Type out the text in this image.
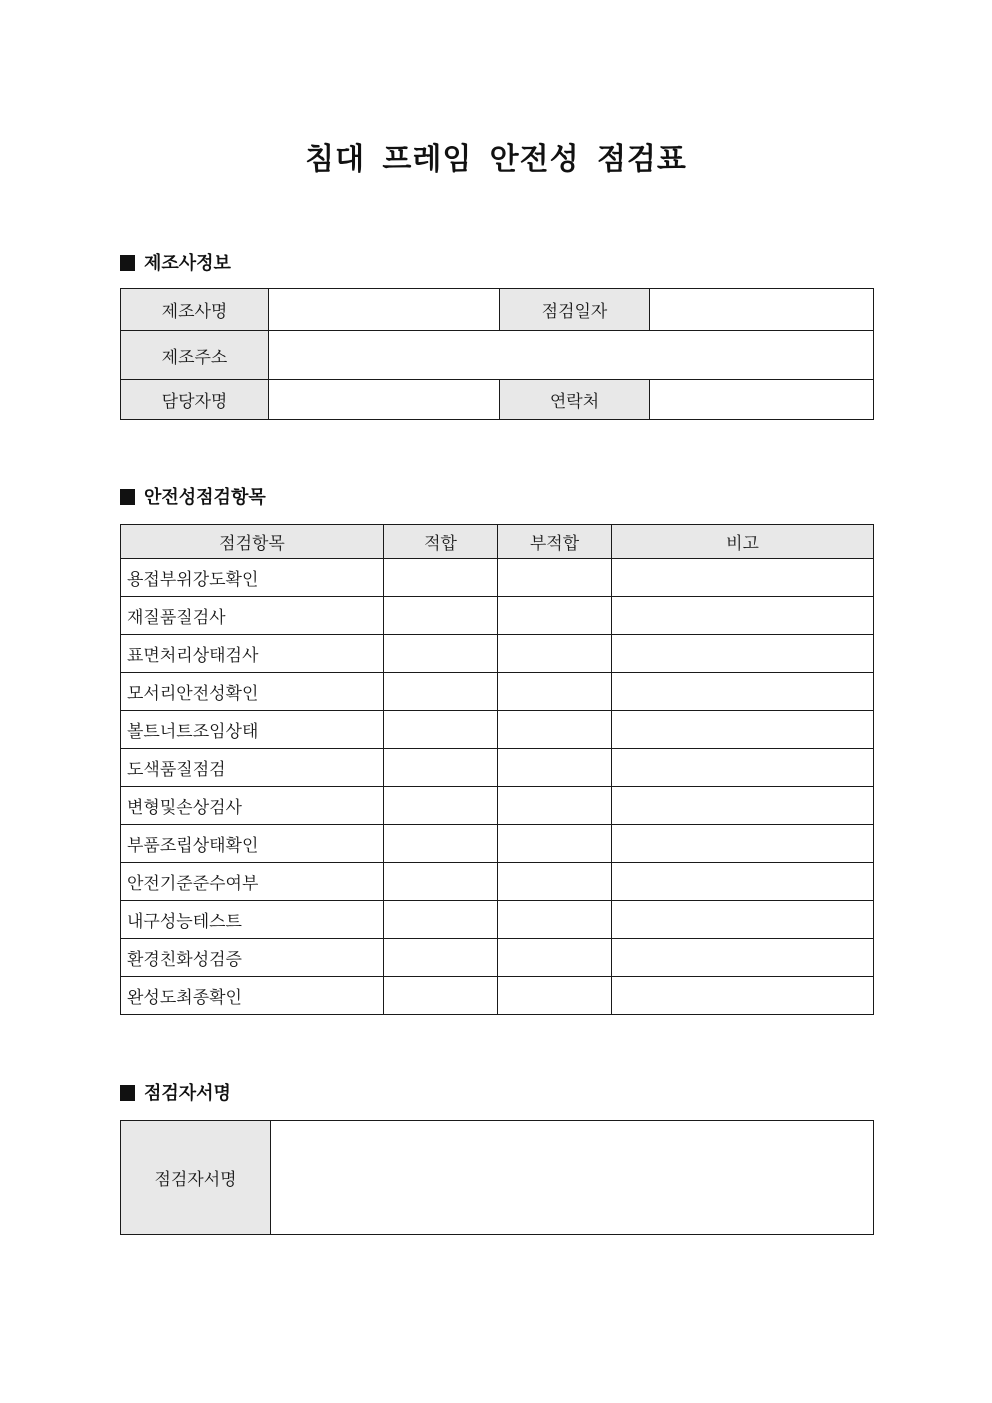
침대 프레임 안전성 점검표
제조사정보
제조사명		점검일자	
제조주소			
담당자명		연락처	
안전성점검항목
점검항목	적합	부적합	비고
용접부위강도확인			
재질품질검사			
표면처리상태검사			
모서리안전성확인			
볼트너트조임상태			
도색품질점검			
변형및손상검사			
부품조립상태확인			
안전기준준수여부			
내구성능테스트			
환경친화성검증			
완성도최종확인			
점검자서명
점검자서명	
